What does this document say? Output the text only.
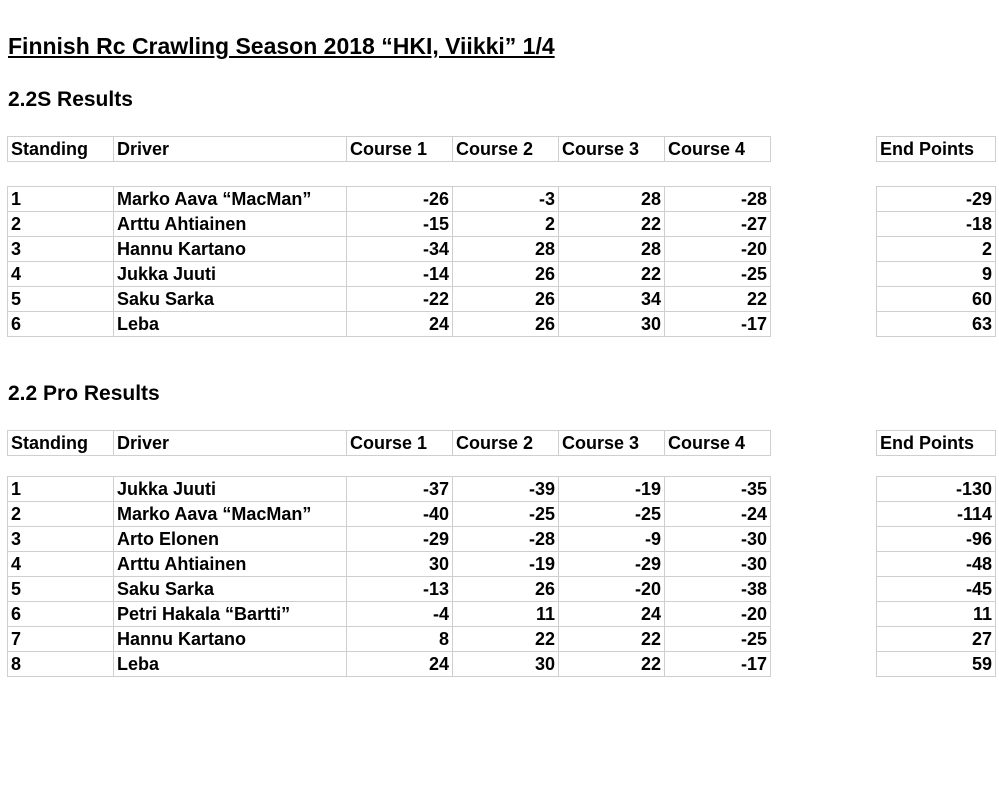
Finnish Rc Crawling Season 2018 “HKI, Viikki” 1/4
2.2S Results
Standing	Driver	Course 1	Course 2	Course 3	Course 4	End Points
1	Marko Aava “MacMan”	-26	-3	28	-28	-29
2	Arttu Ahtiainen	-15	2	22	-27	-18
3	Hannu Kartano	-34	28	28	-20	2
4	Jukka Juuti	-14	26	22	-25	9
5	Saku Sarka	-22	26	34	22	60
6	Leba	24	26	30	-17	63
2.2 Pro Results
Standing	Driver	Course 1	Course 2	Course 3	Course 4	End Points
1	Jukka Juuti	-37	-39	-19	-35	-130
2	Marko Aava “MacMan”	-40	-25	-25	-24	-114
3	Arto Elonen	-29	-28	-9	-30	-96
4	Arttu Ahtiainen	30	-19	-29	-30	-48
5	Saku Sarka	-13	26	-20	-38	-45
6	Petri Hakala “Bartti”	-4	11	24	-20	11
7	Hannu Kartano	8	22	22	-25	27
8	Leba	24	30	22	-17	59
